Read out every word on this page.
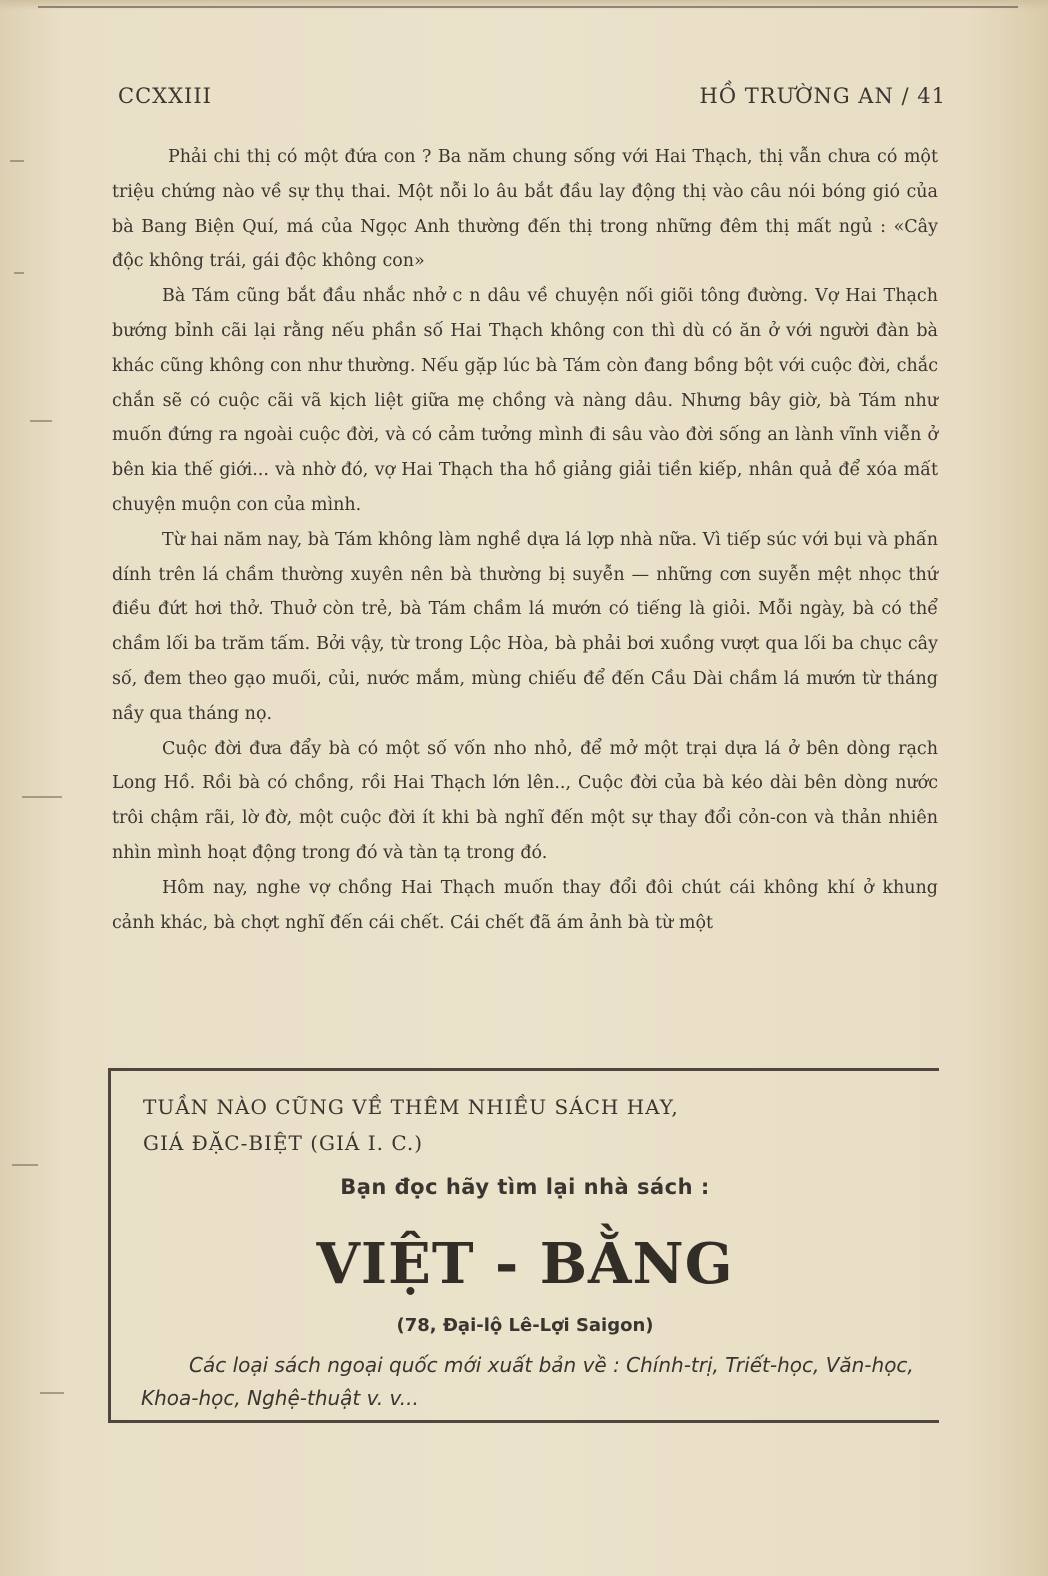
CCXXIII	HỒ TRƯỜNG AN / 41

Phải chi thị có một đứa con ? Ba năm chung sống với Hai Thạch, thị vẫn chưa có một triệu chứng nào về sự thụ thai. Một nỗi lo âu bắt đầu lay động thị vào câu nói bóng gió của bà Bang Biện Quí, má của Ngọc Anh thường đến thị trong những đêm thị mất ngủ : «Cây độc không trái, gái độc không con»

Bà Tám cũng bắt đầu nhắc nhở c n dâu về chuyện nối giõi tông đường. Vợ Hai Thạch bướng bỉnh cãi lại rằng nếu phần số Hai Thạch không con thì dù có ăn ở với người đàn bà khác cũng không con như thường. Nếu gặp lúc bà Tám còn đang bồng bột với cuộc đời, chắc chắn sẽ có cuộc cãi vã kịch liệt giữa mẹ chồng và nàng dâu. Nhưng bây giờ, bà Tám như muốn đứng ra ngoài cuộc đời, và có cảm tưởng mình đi sâu vào đời sống an lành vĩnh viễn ở bên kia thế giới... và nhờ đó, vợ Hai Thạch tha hồ giảng giải tiền kiếp, nhân quả để xóa mất chuyện muộn con của mình.

Từ hai năm nay, bà Tám không làm nghề dựa lá lợp nhà nữa. Vì tiếp súc với bụi và phấn dính trên lá chầm thường xuyên nên bà thường bị suyễn — những cơn suyễn mệt nhọc thứ điều đứt hơi thở. Thuở còn trẻ, bà Tám chầm lá mướn có tiếng là giỏi. Mỗi ngày, bà có thể chầm lối ba trăm tấm. Bởi vậy, từ trong Lộc Hòa, bà phải bơi xuồng vượt qua lối ba chục cây số, đem theo gạo muối, củi, nước mắm, mùng chiếu để đến Cầu Dài chầm lá mướn từ tháng nầy qua tháng nọ.

Cuộc đời đưa đẩy bà có một số vốn nho nhỏ, để mở một trại dựa lá ở bên dòng rạch Long Hồ. Rồi bà có chồng, rồi Hai Thạch lớn lên.., Cuộc đời của bà kéo dài bên dòng nước trôi chậm rãi, lờ đờ, một cuộc đời ít khi bà nghĩ đến một sự thay đổi cỏn-con và thản nhiên nhìn mình hoạt động trong đó và tàn tạ trong đó.

Hôm nay, nghe vợ chồng Hai Thạch muốn thay đổi đôi chút cái không khí ở khung cảnh khác, bà chợt nghĩ đến cái chết. Cái chết đã ám ảnh bà từ một

TUẦN NÀO CŨNG VỀ THÊM NHIỀU SÁCH HAY,
GIÁ ĐẶC-BIỆT (GIÁ I. C.)
Bạn đọc hãy tìm lại nhà sách :
VIỆT - BẰNG
(78, Đại-lộ Lê-Lợi Saigon)
Các loại sách ngoại quốc mới xuất bản về : Chính-trị, Triết-học, Văn-học, Khoa-học, Nghệ-thuật v. v...
